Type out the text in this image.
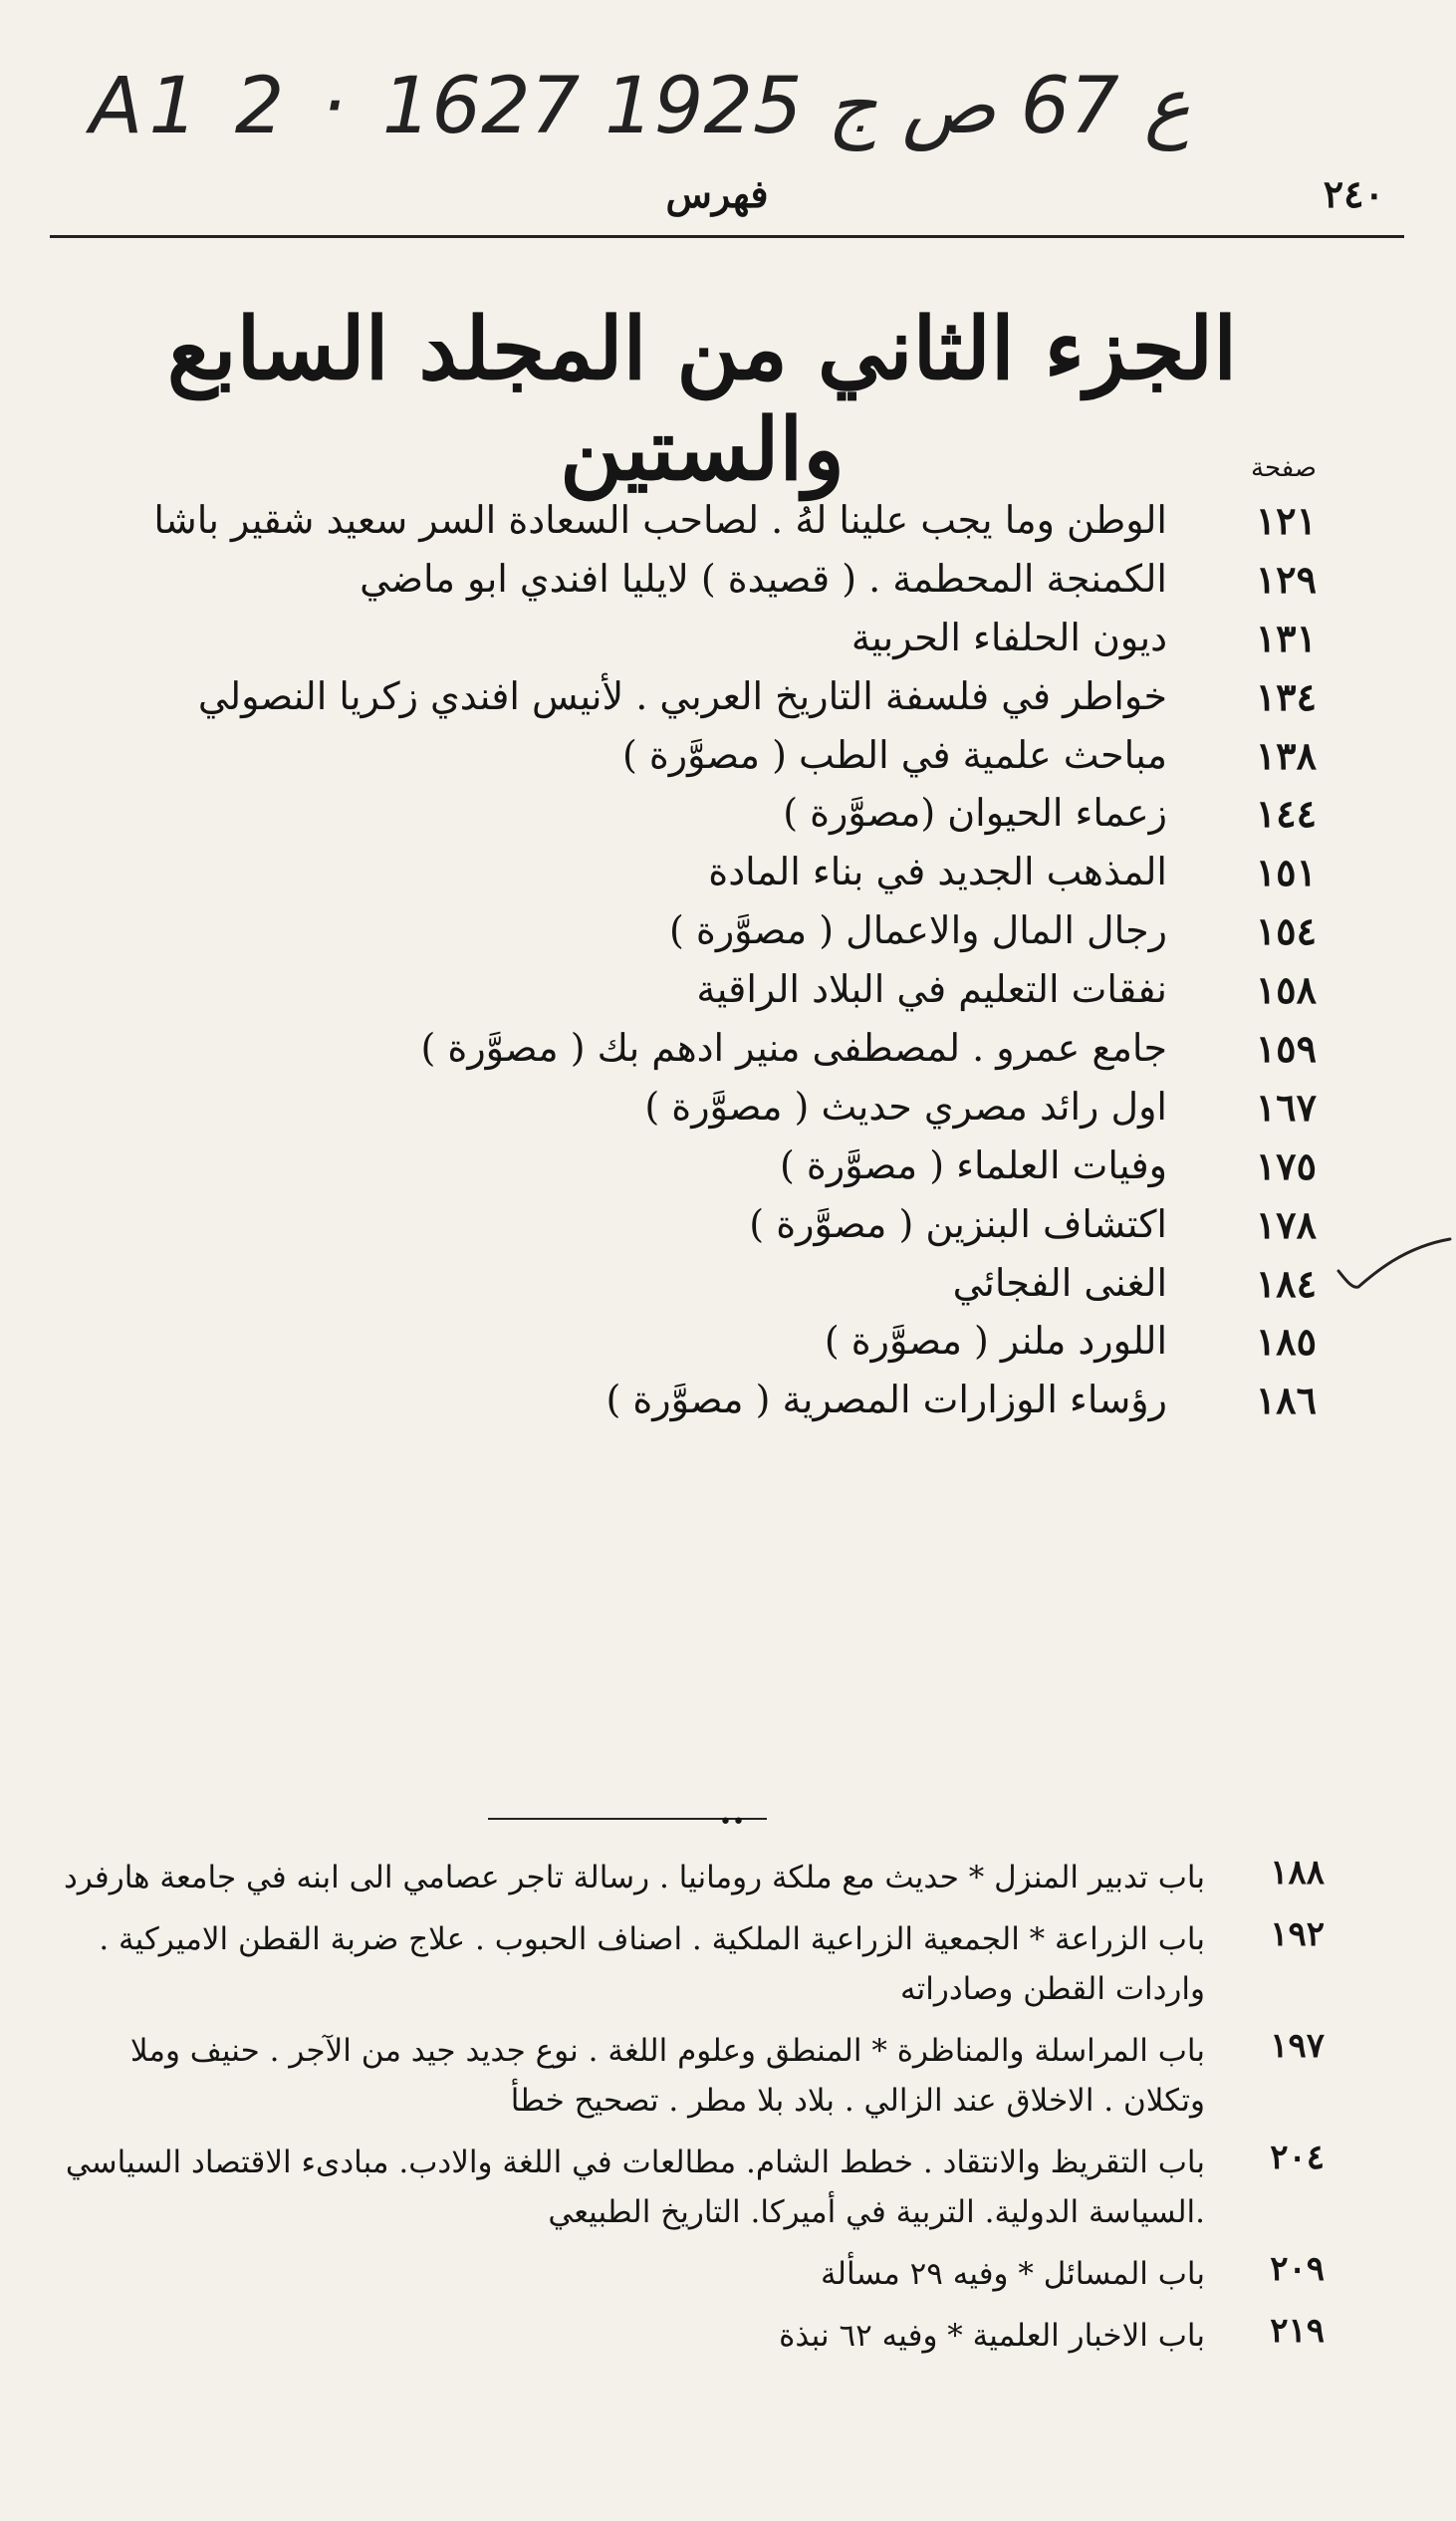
A1 2 · ع 67 ص ج 1925 1627
٢٤٠
فهرس
الجزء الثاني من المجلد السابع والستين	صفحة
١٢١
الوطن وما يجب علينا لهُ . لصاحب السعادة السر سعيد شقير باشا
١٢٩
الكمنجة المحطمة . ( قصيدة ) لايليا افندي ابو ماضي
١٣١
ديون الحلفاء الحربية
١٣٤
خواطر في فلسفة التاريخ العربي . لأنيس افندي زكريا النصولي
١٣٨
مباحث علمية في الطب ( مصوَّرة )
١٤٤
زعماء الحيوان (مصوَّرة )
١٥١
المذهب الجديد في بناء المادة
١٥٤
رجال المال والاعمال ( مصوَّرة )
١٥٨
نفقات التعليم في البلاد الراقية
١٥٩
جامع عمرو . لمصطفى منير ادهم بك ( مصوَّرة )
١٦٧
اول رائد مصري حديث ( مصوَّرة )
١٧٥
وفيات العلماء ( مصوَّرة )
١٧٨
اكتشاف البنزين ( مصوَّرة )
١٨٤
الغنى الفجائي
١٨٥
اللورد ملنر ( مصوَّرة )
١٨٦
رؤساء الوزارات المصرية ( مصوَّرة )
••
١٨٨
باب تدبير المنزل * حديث مع ملكة رومانيا . رسالة تاجر عصامي الى ابنه في جامعة هارفرد
١٩٢
باب الزراعة * الجمعية الزراعية الملكية . اصناف الحبوب . علاج ضربة القطن الاميركية . واردات القطن وصادراته
١٩٧
باب المراسلة والمناظرة * المنطق وعلوم اللغة . نوع جديد جيد من الآجر . حنيف وملا وتكلان . الاخلاق عند الزالي . بلاد بلا مطر . تصحيح خطأ
٢٠٤
باب التقريظ والانتقاد . خطط الشام. مطالعات في اللغة والادب. مبادىء الاقتصاد السياسي .السياسة الدولية. التربية في أميركا. التاريخ الطبيعي
٢٠٩
باب المسائل * وفيه ٢٩ مسألة
٢١٩
باب الاخبار العلمية * وفيه ٦٢ نبذة
